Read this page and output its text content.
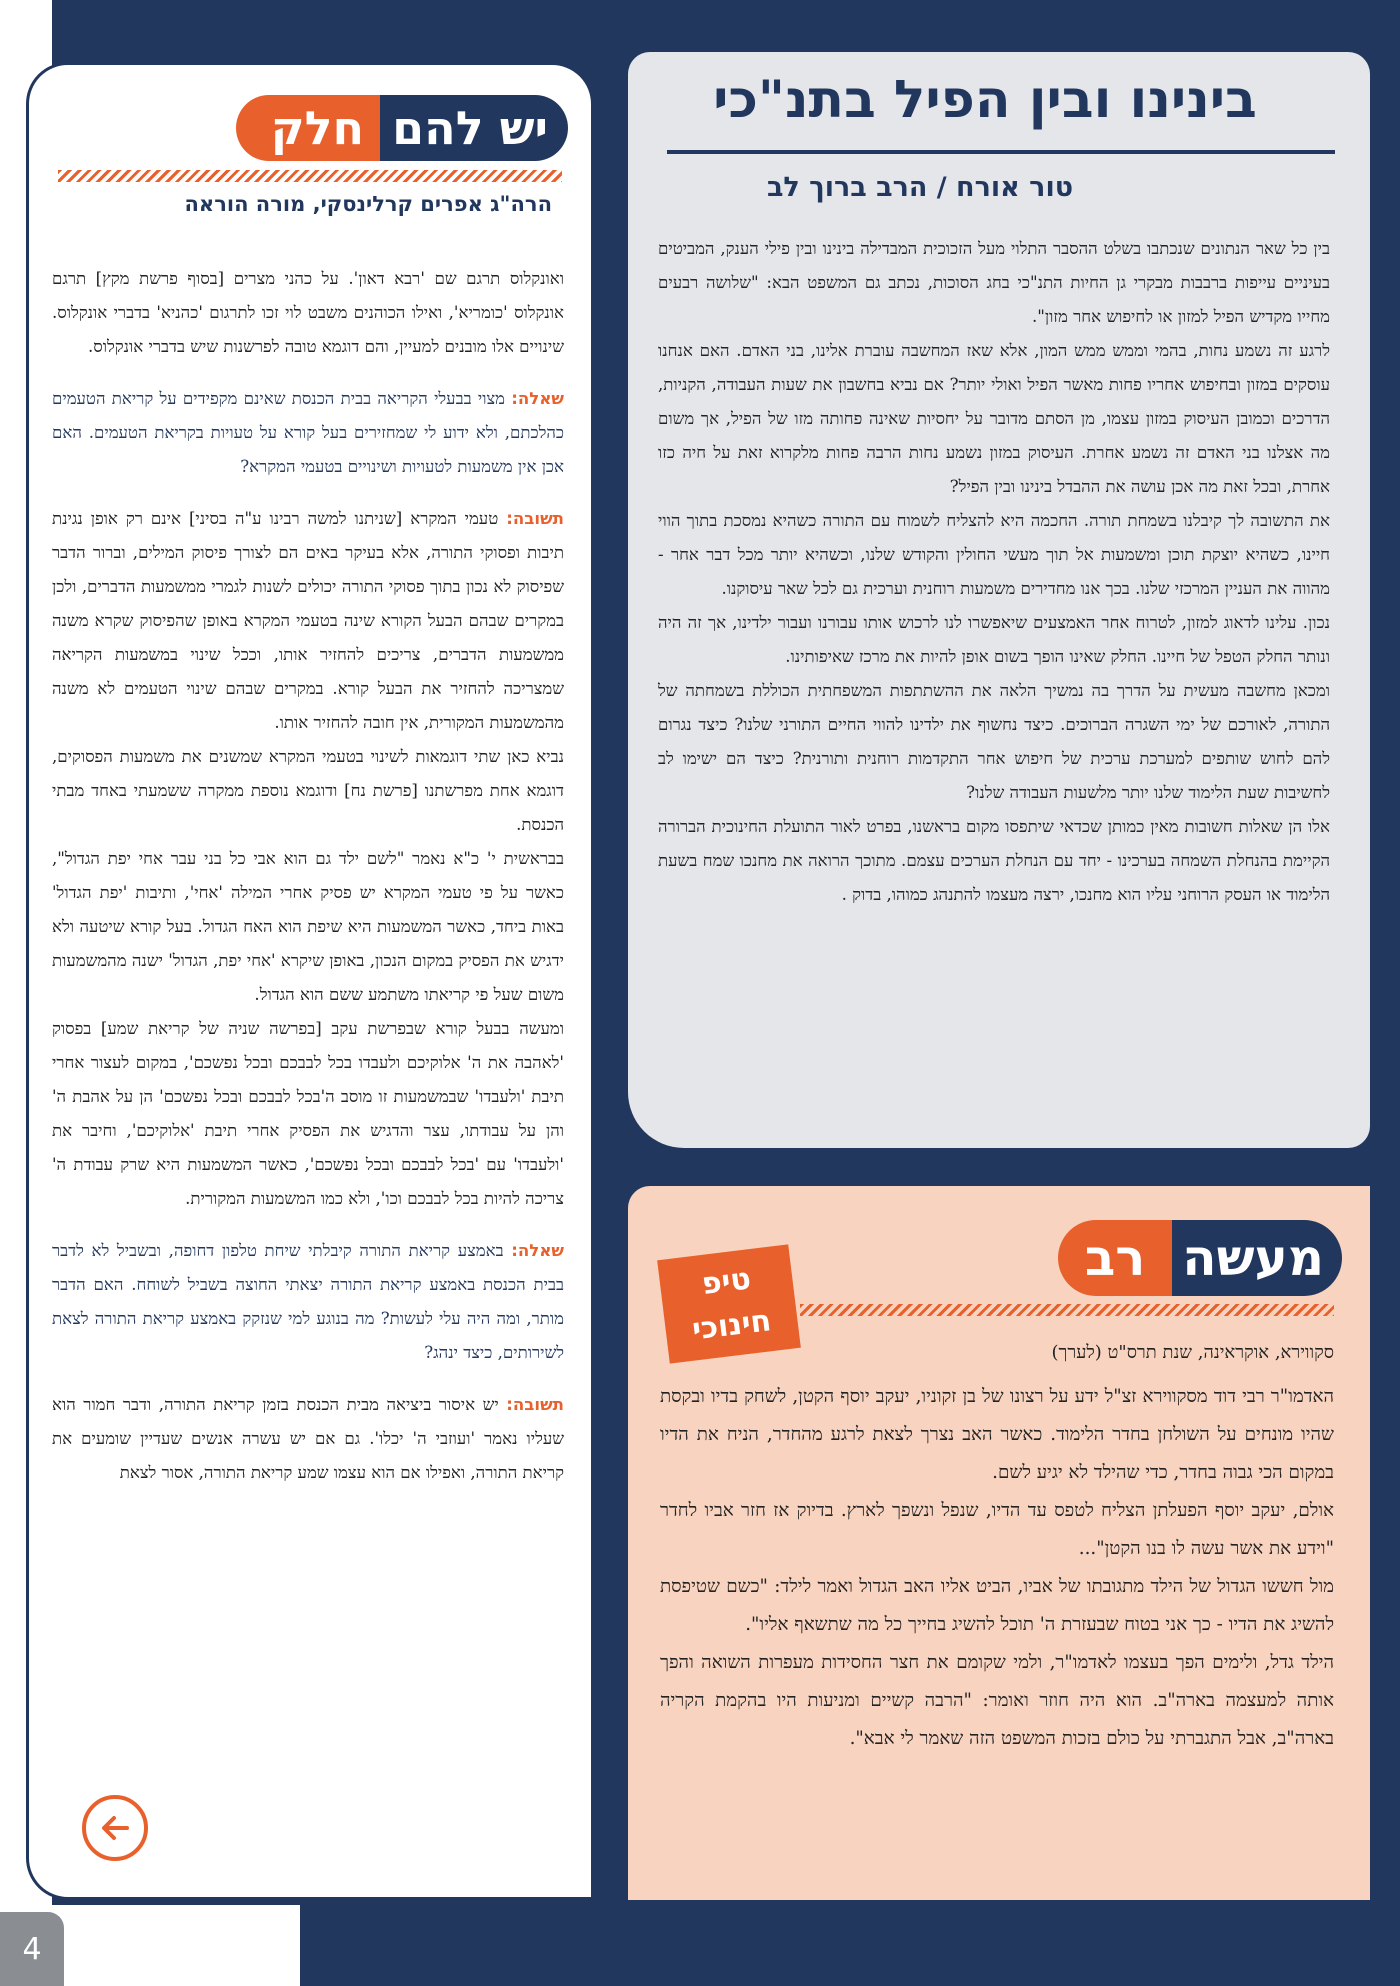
4
יש להם
חלק
הרה"ג אפרים קרלינסקי, מורה הוראה

ואונקלוס תרגם שם 'רבא דאון'. על כהני מצרים [בסוף פרשת מקץ] תרגם אונקלוס 'כומריא', ואילו הכוהנים משבט לוי זכו לתרגום 'כהניא' בדברי אונקלוס. שינויים אלו מובנים למעיין, והם דוגמא טובה לפרשנות שיש בדברי אונקלוס.

שאלה: מצוי בבעלי הקריאה בבית הכנסת שאינם מקפידים על קריאת הטעמים כהלכתם, ולא ידוע לי שמחזירים בעל קורא על טעויות בקריאת הטעמים. האם אכן אין משמעות לטעויות ושינויים בטעמי המקרא?

תשובה: טעמי המקרא [שניתנו למשה רבינו ע"ה בסיני] אינם רק אופן נגינת תיבות ופסוקי התורה, אלא בעיקר באים הם לצורך פיסוק המילים, וברור הדבר שפיסוק לא נכון בתוך פסוקי התורה יכולים לשנות לגמרי ממשמעות הדברים, ולכן במקרים שבהם הבעל הקורא שינה בטעמי המקרא באופן שהפיסוק שקרא משנה ממשמעות הדברים, צריכים להחזיר אותו, וככל שינוי במשמעות הקריאה שמצריכה להחזיר את הבעל קורא. במקרים שבהם שינוי הטעמים לא משנה מהמשמעות המקורית, אין חובה להחזיר אותו.

נביא כאן שתי דוגמאות לשינוי בטעמי המקרא שמשנים את משמעות הפסוקים, דוגמא אחת מפרשתנו [פרשת נח] ודוגמא נוספת ממקרה ששמעתי באחד מבתי הכנסת.

בבראשית י' כ"א נאמר "לשם ילד גם הוא אבי כל בני עבר אחי יפת הגדול", כאשר על פי טעמי המקרא יש פסיק אחרי המילה 'אחי', ותיבות 'יפת הגדול' באות ביחד, כאשר המשמעות היא שיפת הוא האח הגדול. בעל קורא שיטעה ולא ידגיש את הפסיק במקום הנכון, באופן שיקרא 'אחי יפת, הגדול' ישנה מהמשמעות משום שעל פי קריאתו משתמע ששם הוא הגדול.

ומעשה בבעל קורא שבפרשת עקב [בפרשה שניה של קריאת שמע] בפסוק 'לאהבה את ה' אלוקיכם ולעבדו בכל לבבכם ובכל נפשכם', במקום לעצור אחרי תיבת 'ולעבדו' שבמשמעות זו מוסב ה'בכל לבבכם ובכל נפשכם' הן על אהבת ה' והן על עבודתו, עצר והדגיש את הפסיק אחרי תיבת 'אלוקיכם', וחיבר את 'ולעבדו' עם 'בכל לבבכם ובכל נפשכם', כאשר המשמעות היא שרק עבודת ה' צריכה להיות בכל לבבכם וכו', ולא כמו המשמעות המקורית.

שאלה: באמצע קריאת התורה קיבלתי שיחת טלפון דחופה, ובשביל לא לדבר בבית הכנסת באמצע קריאת התורה יצאתי החוצה בשביל לשוחח. האם הדבר מותר, ומה היה עלי לעשות? מה בנוגע למי שנזקק באמצע קריאת התורה לצאת לשירותים, כיצד ינהג?

תשובה: יש איסור ביציאה מבית הכנסת בזמן קריאת התורה, ודבר חמור הוא שעליו נאמר 'ועוזבי ה' יכלו'. גם אם יש עשרה אנשים שעדיין שומעים את קריאת התורה, ואפילו אם הוא עצמו שמע קריאת התורה, אסור לצאת

בינינו ובין הפיל בתנ"כי
טור אורח / הרב ברוך לב

בין כל שאר הנתונים שנכתבו בשלט ההסבר התלוי מעל הזכוכית המבדילה בינינו ובין פילי הענק, המביטים בעיניים עייפות ברבבות מבקרי גן החיות התנ"כי בחג הסוכות, נכתב גם המשפט הבא: "שלושה רבעים מחייו מקדיש הפיל למזון או לחיפוש אחר מזון".

לרגע זה נשמע נחות, בהמי וממש ממש המון, אלא שאז המחשבה עוברת אלינו, בני האדם. האם אנחנו עוסקים במזון ובחיפוש אחריו פחות מאשר הפיל ואולי יותר? אם נביא בחשבון את שעות העבודה, הקניות, הדרכים וכמובן העיסוק במזון עצמו, מן הסתם מדובר על יחסיות שאינה פחותה מזו של הפיל, אך משום מה אצלנו בני האדם זה נשמע אחרת. העיסוק במזון נשמע נחות הרבה פחות מלקרוא זאת על חיה כזו אחרת, ובכל זאת מה אכן עושה את ההבדל בינינו ובין הפיל?

את התשובה לך קיבלנו בשמחת תורה. החכמה היא להצליח לשמוח עם התורה כשהיא נמסכת בתוך הווי חיינו, כשהיא יוצקת תוכן ומשמעות אל תוך מעשי החולין והקודש שלנו, וכשהיא יותר מכל דבר אחר - מהווה את העניין המרכזי שלנו. בכך אנו מחדירים משמעות רוחנית וערכית גם לכל שאר עיסוקנו.

נכון. עלינו לדאוג למזון, לטרוח אחר האמצעים שיאפשרו לנו לרכוש אותו עבורנו ועבור ילדינו, אך זה היה ונותר החלק הטפל של חיינו. החלק שאינו הופך בשום אופן להיות את מרכז שאיפותינו.

ומכאן מחשבה מעשית על הדרך בה נמשיך הלאה את ההשתתפות המשפחתית הכוללת בשמחתה של התורה, לאורכם של ימי השגרה הברוכים. כיצד נחשוף את ילדינו להווי החיים התורני שלנו? כיצד נגרום להם לחוש שותפים למערכת ערכית של חיפוש אחר התקדמות רוחנית ותורנית? כיצד הם ישימו לב לחשיבות שעת הלימוד שלנו יותר מלשעות העבודה שלנו?

אלו הן שאלות חשובות מאין כמותן שכדאי שיתפסו מקום בראשנו, בפרט לאור התועלת החינוכית הברורה הקיימת בהנחלת השמחה בערכינו - יחד עם הנחלת הערכים עצמם. מתוכך הרואה את מחנכו שמח בשעת הלימוד או העסק הרוחני עליו הוא מחנכו, ירצה מעצמו להתנהג כמוהו, בדוק .

מעשה
רב
טיפ
חינוכי
סקווירא, אוקראינה, שנת תרס"ט (לערך)

האדמו"ר רבי דוד מסקווירא זצ"ל ידע על רצונו של בן זקוניו, יעקב יוסף הקטן, לשחק בדיו ובקסת שהיו מונחים על השולחן בחדר הלימוד. כאשר האב נצרך לצאת לרגע מהחדר, הניח את הדיו במקום הכי גבוה בחדר, כדי שהילד לא יגיע לשם.

אולם, יעקב יוסף הפעלתן הצליח לטפס עד הדיו, שנפל ונשפך לארץ. בדיוק אז חזר אביו לחדר "וידע את אשר עשה לו בנו הקטן"...

מול חששו הגדול של הילד מתגובתו של אביו, הביט אליו האב הגדול ואמר לילד: "כשם שטיפסת להשיג את הדיו - כך אני בטוח שבעזרת ה' תוכל להשיג בחייך כל מה שתשאף אליו".

הילד גדל, ולימים הפך בעצמו לאדמו"ר, ולמי שקומם את חצר החסידות מעפרות השואה והפך אותה למעצמה בארה"ב. הוא היה חוזר ואומר: "הרבה קשיים ומניעות היו בהקמת הקריה בארה"ב, אבל התגברתי על כולם בזכות המשפט הזה שאמר לי אבא".
